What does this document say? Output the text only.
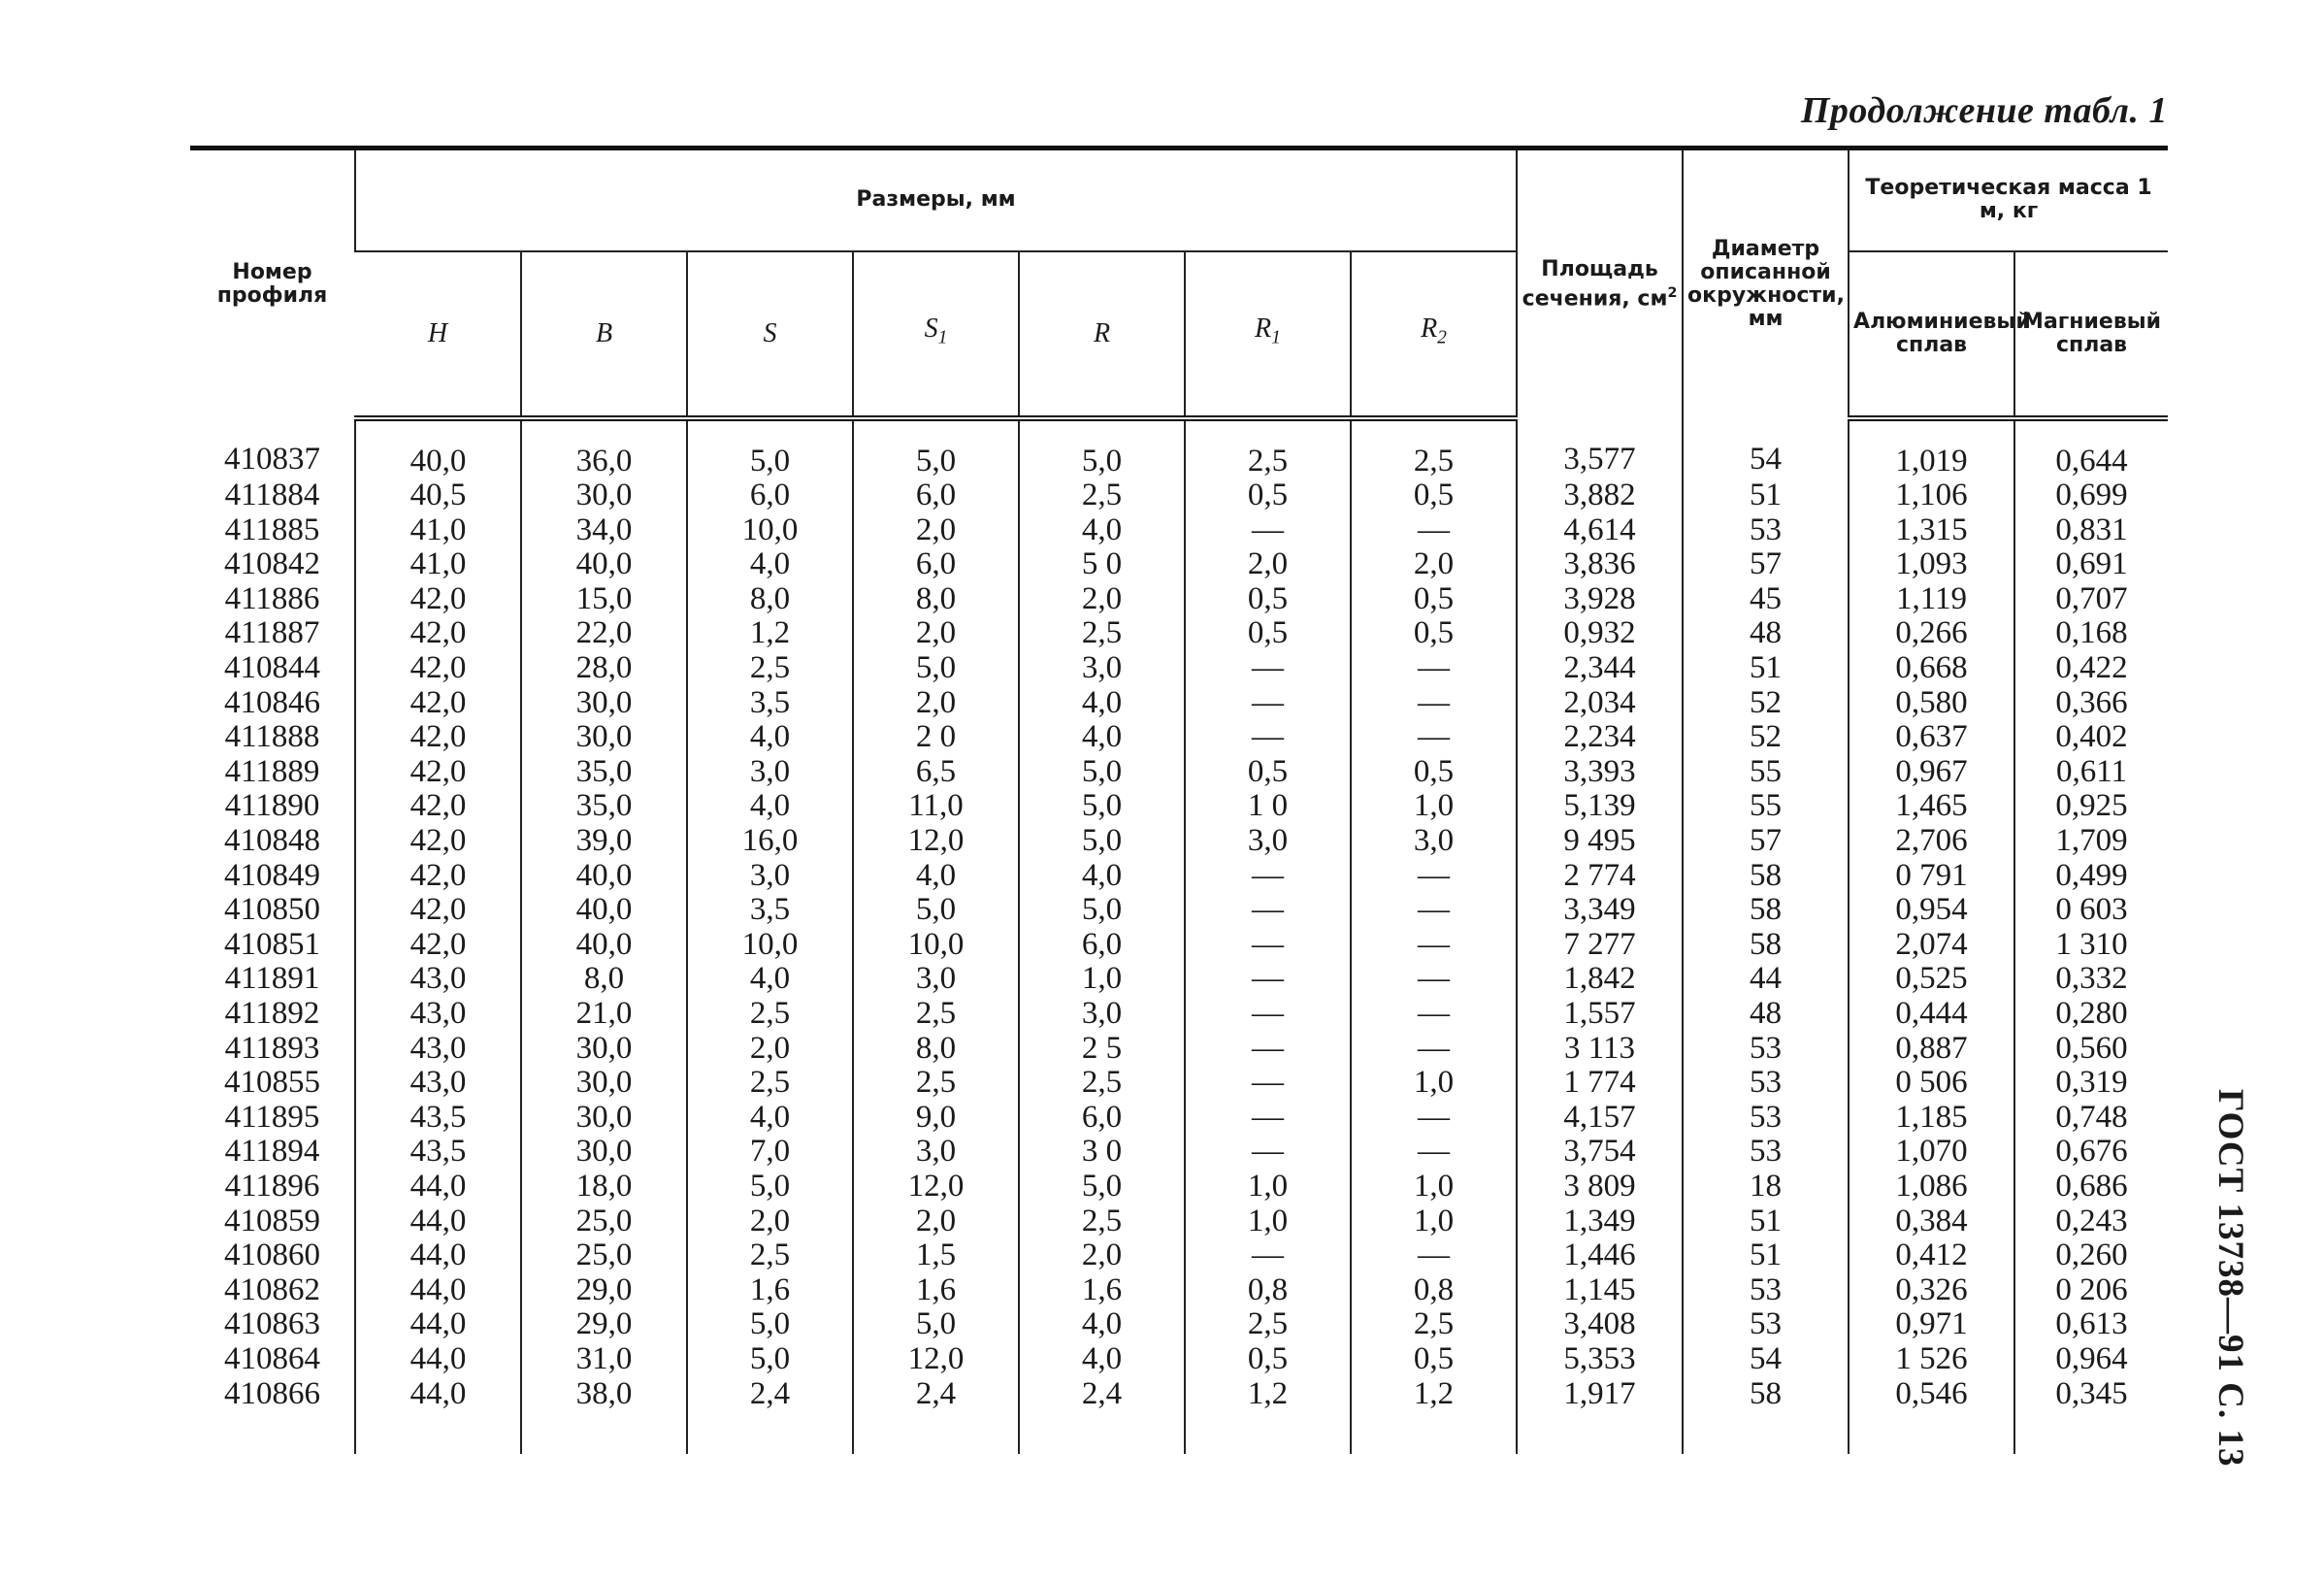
Продолжение табл. 1
Номер профиля	Размеры, мм							Площадь сечения, $см^2$	Диаметр описанной окружности, мм	Теоретическая масса 1 м, кг	
	H	B	S	$S_1$	R	$R_1$	$R_2$			Алюминиевый сплав	Магниевый сплав
410837	40,0	36,0	5,0	5,0	5,0	2,5	2,5	3,577	54	1,019	0,644
411884	40,5	30,0	6,0	6,0	2,5	0,5	0,5	3,882	51	1,106	0,699
411885	41,0	34,0	10,0	2,0	4,0	—	—	4,614	53	1,315	0,831
410842	41,0	40,0	4,0	6,0	5 0	2,0	2,0	3,836	57	1,093	0,691
411886	42,0	15,0	8,0	8,0	2,0	0,5	0,5	3,928	45	1,119	0,707
411887	42,0	22,0	1,2	2,0	2,5	0,5	0,5	0,932	48	0,266	0,168
410844	42,0	28,0	2,5	5,0	3,0	—	—	2,344	51	0,668	0,422
410846	42,0	30,0	3,5	2,0	4,0	—	—	2,034	52	0,580	0,366
411888	42,0	30,0	4,0	2 0	4,0	—	—	2,234	52	0,637	0,402
411889	42,0	35,0	3,0	6,5	5,0	0,5	0,5	3,393	55	0,967	0,611
411890	42,0	35,0	4,0	11,0	5,0	1 0	1,0	5,139	55	1,465	0,925
410848	42,0	39,0	16,0	12,0	5,0	3,0	3,0	9 495	57	2,706	1,709
410849	42,0	40,0	3,0	4,0	4,0	—	—	2 774	58	0 791	0,499
410850	42,0	40,0	3,5	5,0	5,0	—	—	3,349	58	0,954	0 603
410851	42,0	40,0	10,0	10,0	6,0	—	—	7 277	58	2,074	1 310
411891	43,0	8,0	4,0	3,0	1,0	—	—	1,842	44	0,525	0,332
411892	43,0	21,0	2,5	2,5	3,0	—	—	1,557	48	0,444	0,280
411893	43,0	30,0	2,0	8,0	2 5	—	—	3 113	53	0,887	0,560
410855	43,0	30,0	2,5	2,5	2,5	—	1,0	1 774	53	0 506	0,319
411895	43,5	30,0	4,0	9,0	6,0	—	—	4,157	53	1,185	0,748
411894	43,5	30,0	7,0	3,0	3 0	—	—	3,754	53	1,070	0,676
411896	44,0	18,0	5,0	12,0	5,0	1,0	1,0	3 809	18	1,086	0,686
410859	44,0	25,0	2,0	2,0	2,5	1,0	1,0	1,349	51	0,384	0,243
410860	44,0	25,0	2,5	1,5	2,0	—	—	1,446	51	0,412	0,260
410862	44,0	29,0	1,6	1,6	1,6	0,8	0,8	1,145	53	0,326	0 206
410863	44,0	29,0	5,0	5,0	4,0	2,5	2,5	3,408	53	0,971	0,613
410864	44,0	31,0	5,0	12,0	4,0	0,5	0,5	5,353	54	1 526	0,964
410866	44,0	38,0	2,4	2,4	2,4	1,2	1,2	1,917	58	0,546	0,345 ГОСТ 13738—91 С. 13
